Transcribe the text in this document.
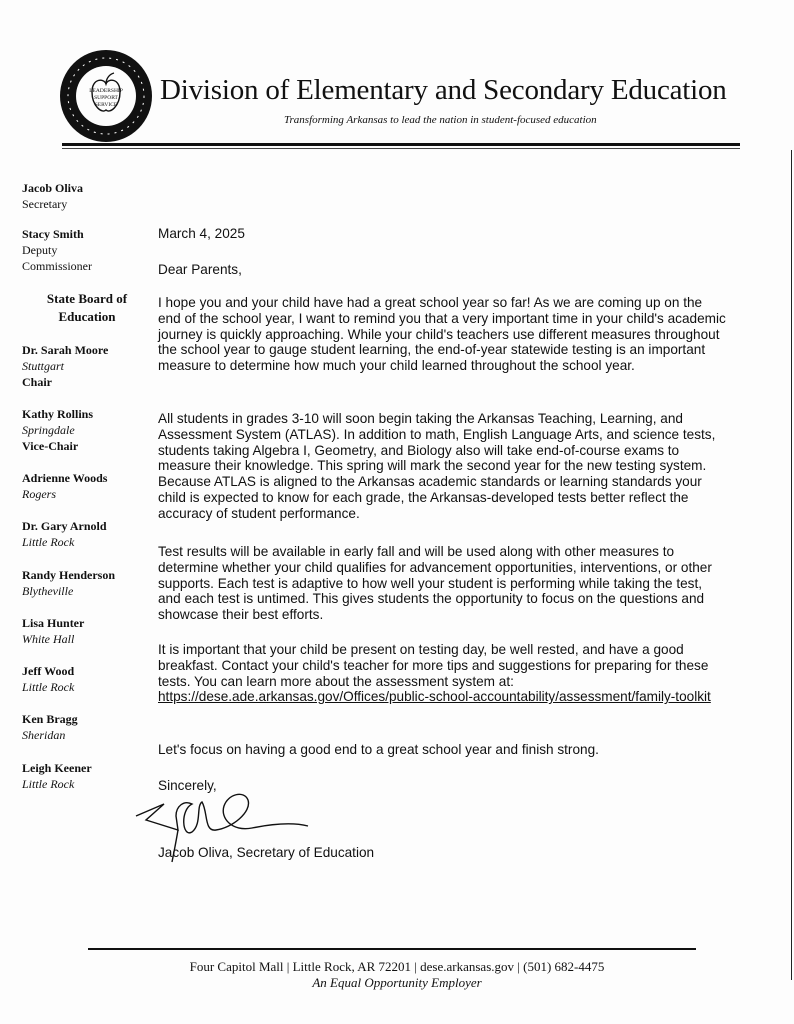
LEADERSHIP
SUPPORT
SERVICE Division of Elementary and Secondary Education
Transforming Arkansas to lead the nation in student-focused education
Jacob Oliva
Secretary
Stacy Smith
Deputy
Commissioner
State Board of
Education
Dr. Sarah Moore
Stuttgart
Chair
Kathy Rollins
Springdale
Vice-Chair
Adrienne Woods
Rogers
Dr. Gary Arnold
Little Rock
Randy Henderson
Blytheville
Lisa Hunter
White Hall
Jeff Wood
Little Rock
Ken Bragg
Sheridan
Leigh Keener
Little Rock
March 4, 2025
Dear Parents,
I hope you and your child have had a great school year so far! As we are coming up on the end of the school year, I want to remind you that a very important time in your child's academic journey is quickly approaching. While your child's teachers use different measures throughout the school year to gauge student learning, the end-of-year statewide testing is an important measure to determine how much your child learned throughout the school year.
All students in grades 3-10 will soon begin taking the Arkansas Teaching, Learning, and Assessment System (ATLAS). In addition to math, English Language Arts, and science tests, students taking Algebra I, Geometry, and Biology also will take end-of-course exams to measure their knowledge. This spring will mark the second year for the new testing system. Because ATLAS is aligned to the Arkansas academic standards or learning standards your child is expected to know for each grade, the Arkansas-developed tests better reflect the accuracy of student performance.
Test results will be available in early fall and will be used along with other measures to determine whether your child qualifies for advancement opportunities, interventions, or other supports. Each test is adaptive to how well your student is performing while taking the test, and each test is untimed. This gives students the opportunity to focus on the questions and showcase their best efforts.
It is important that your child be present on testing day, be well rested, and have a good breakfast. Contact your child's teacher for more tips and suggestions for preparing for these tests. You can learn more about the assessment system at: https://dese.ade.arkansas.gov/Offices/public-school-accountability/assessment/family-toolkit
Let's focus on having a good end to a great school year and finish strong.
Sincerely,
Jacob Oliva, Secretary of Education
Four Capitol Mall | Little Rock, AR 72201 | dese.arkansas.gov | (501) 682-4475
An Equal Opportunity Employer
